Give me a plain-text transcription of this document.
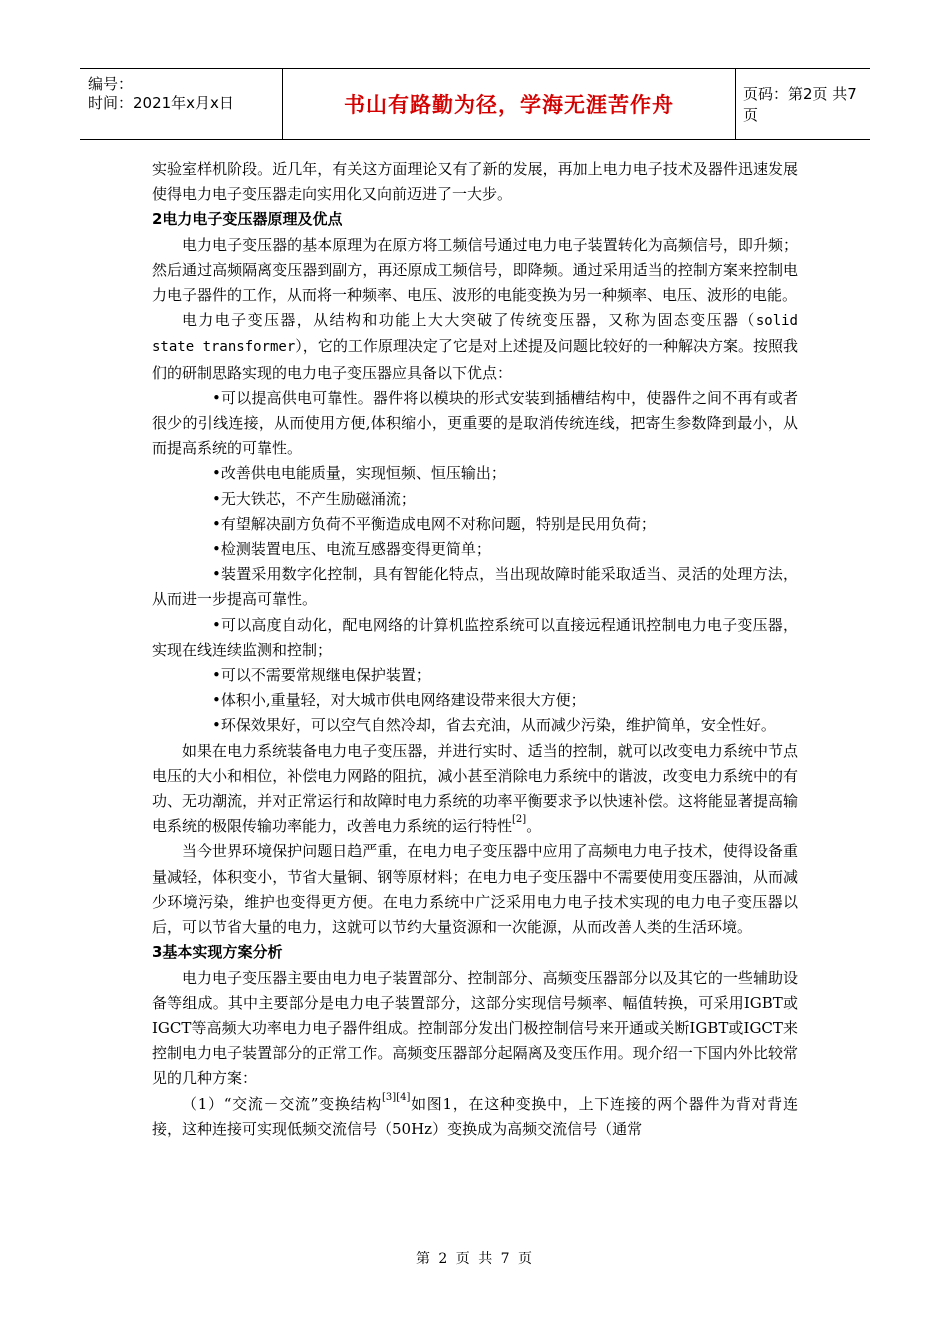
编号：
时间：2021年x月x日	书山有路勤为径，学海无涯苦作舟	页码：第2页 共7页

实验室样机阶段。近几年，有关这方面理论又有了新的发展，再加上电力电子技术及器件迅速发展使得电力电子变压器走向实用化又向前迈进了一大步。

2电力电子变压器原理及优点

电力电子变压器的基本原理为在原方将工频信号通过电力电子装置转化为高频信号，即升频；然后通过高频隔离变压器到副方，再还原成工频信号，即降频。通过采用适当的控制方案来控制电力电子器件的工作，从而将一种频率、电压、波形的电能变换为另一种频率、电压、波形的电能。

电力电子变压器，从结构和功能上大大突破了传统变压器，又称为固态变压器（solid state transformer），它的工作原理决定了它是对上述提及问题比较好的一种解决方案。按照我们的研制思路实现的电力电子变压器应具备以下优点：

•可以提高供电可靠性。器件将以模块的形式安装到插槽结构中，使器件之间不再有或者很少的引线连接，从而使用方便,体积缩小，更重要的是取消传统连线，把寄生参数降到最小，从而提高系统的可靠性。

•改善供电电能质量，实现恒频、恒压输出；

•无大铁芯，不产生励磁涌流；

•有望解决副方负荷不平衡造成电网不对称问题，特别是民用负荷；

•检测装置电压、电流互感器变得更简单；

•装置采用数字化控制，具有智能化特点，当出现故障时能采取适当、灵活的处理方法，从而进一步提高可靠性。

•可以高度自动化，配电网络的计算机监控系统可以直接远程通讯控制电力电子变压器，实现在线连续监测和控制；

•可以不需要常规继电保护装置；

•体积小,重量轻，对大城市供电网络建设带来很大方便；

•环保效果好，可以空气自然冷却，省去充油，从而减少污染，维护简单，安全性好。

如果在电力系统装备电力电子变压器，并进行实时、适当的控制，就可以改变电力系统中节点电压的大小和相位，补偿电力网路的阻抗，减小甚至消除电力系统中的谐波，改变电力系统中的有功、无功潮流，并对正常运行和故障时电力系统的功率平衡要求予以快速补偿。这将能显著提高输电系统的极限传输功率能力，改善电力系统的运行特性[2]。

当今世界环境保护问题日趋严重，在电力电子变压器中应用了高频电力电子技术，使得设备重量减轻，体积变小，节省大量铜、钢等原材料；在电力电子变压器中不需要使用变压器油，从而减少环境污染，维护也变得更方便。在电力系统中广泛采用电力电子技术实现的电力电子变压器以后，可以节省大量的电力，这就可以节约大量资源和一次能源，从而改善人类的生活环境。

3基本实现方案分析

电力电子变压器主要由电力电子装置部分、控制部分、高频变压器部分以及其它的一些辅助设备等组成。其中主要部分是电力电子装置部分，这部分实现信号频率、幅值转换，可采用IGBT或IGCT等高频大功率电力电子器件组成。控制部分发出门极控制信号来开通或关断IGBT或IGCT来控制电力电子装置部分的正常工作。高频变压器部分起隔离及变压作用。现介绍一下国内外比较常见的几种方案：

（1）“交流－交流”变换结构[3][4]如图1，在这种变换中，上下连接的两个器件为背对背连接，这种连接可实现低频交流信号（50Hz）变换成为高频交流信号（通常

第 2 页 共 7 页
